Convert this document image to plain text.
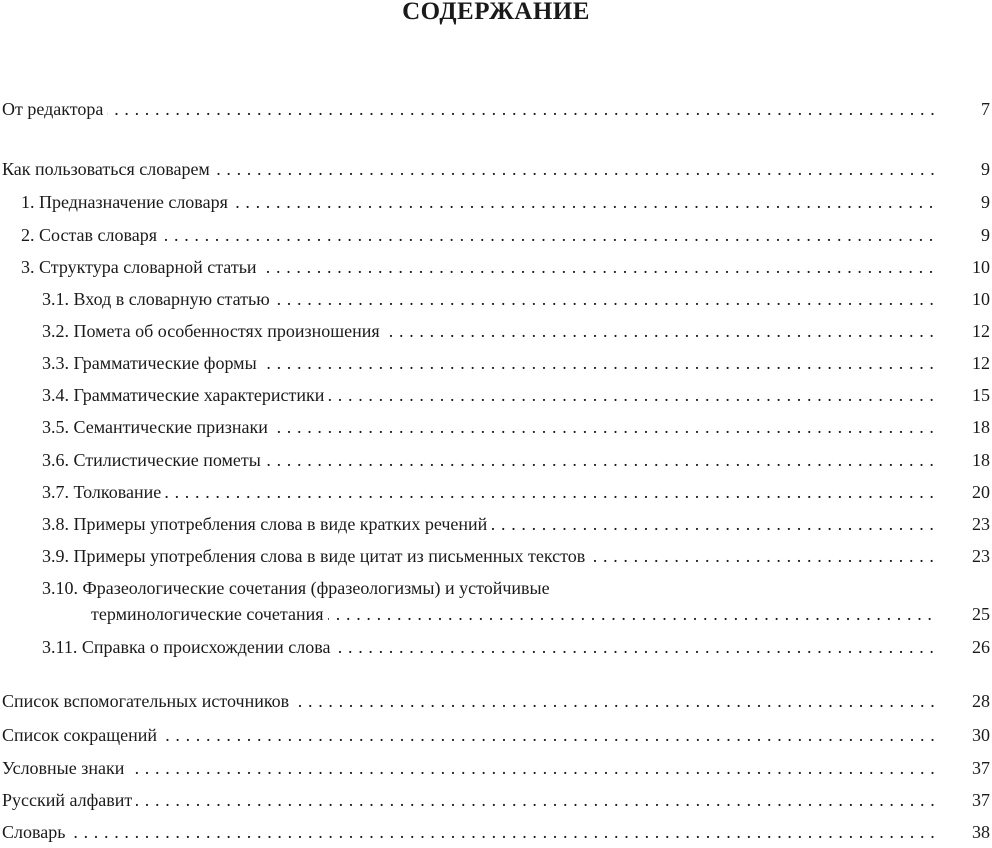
СОДЕРЖАНИЕ
От редактора . . .	7
Как пользоваться словарем . . .	9
1. Предназначение словаря . . .	9
2. Состав словаря . . .	9
3. Структура словарной статьи . . .	10
3.1. Вход в словарную статью . . .	10
3.2. Помета об особенностях произношения . . .	12
3.3. Грамматические формы . . .	12
3.4. Грамматические характеристики . . .	15
3.5. Семантические признаки . . .	18
3.6. Стилистические пометы . . .	18
3.7. Толкование . . .	20
3.8. Примеры употребления слова в виде кратких речений . . .	23
3.9. Примеры употребления слова в виде цитат из письменных текстов . . .	23
3.10. Фразеологические сочетания (фразеологизмы) и устойчивые
терминологические сочетания . . .	25
3.11. Справка о происхождении слова . . .	26
Список вспомогательных источников . . .	28
Список сокращений . . .	30
Условные знаки . . .	37
Русский алфавит . . .	37
Словарь . . .	38
